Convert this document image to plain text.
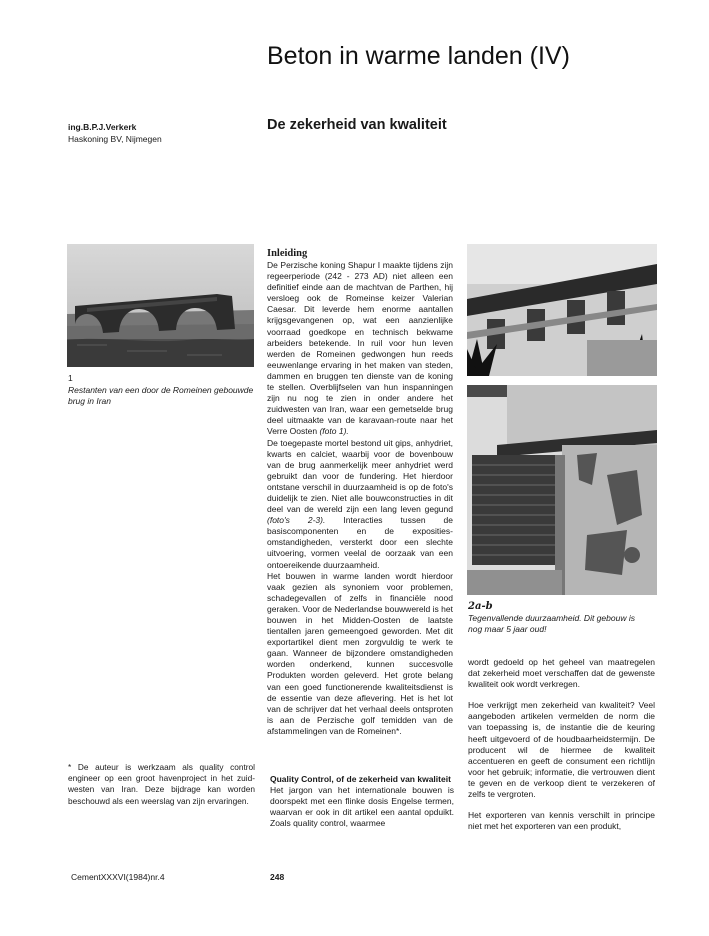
Beton in warme landen (IV)
De zekerheid van kwaliteit
ing.B.P.J.Verkerk
Haskoning BV, Nijmegen
1
Restanten van een door de Romeinen gebouwde brug in Iran
2a-b
Tegenvallende duurzaamheid. Dit gebouw is nog maar 5 jaar oud!
Inleiding

De Perzische koning Shapur I maakte tijdens zijn regeerperiode (242 - 273 AD) niet alleen een definitief einde aan de machtvan de Parthen, hij versloeg ook de Romeinse keizer Valerian Caesar. Dit leverde hem enorme aantallen krijgsgevangenen op, wat een aanzienlijke voorraad goedkope en technisch bekwame arbeiders betekende. In ruil voor hun leven werden de Romeinen gedwongen hun reeds eeuwenlange ervaring in het maken van steden, dammen en bruggen ten dienste van de koning te stellen. Overblijfselen van hun inspanningen zijn nu nog te zien in onder andere het zuidwesten van Iran, waar een gemetselde brug deel uitmaakte van de karavaan-route naar het Verre Oosten (foto 1).

De toegepaste mortel bestond uit gips, anhydriet, kwarts en calciet, waarbij voor de bovenbouw van de brug aanmerkelijk meer anhydriet werd gebruikt dan voor de fundering. Het hierdoor ontstane verschil in duurzaamheid is op de foto's duidelijk te zien. Niet alle bouwconstructies in dit deel van de wereld zijn een lang leven gegund (foto's 2-3). Interacties tussen de basiscomponenten en de exposities-omstandigheden, versterkt door een slechte uitvoering, vormen veelal de oorzaak van een ontoereikende duurzaamheid.

Het bouwen in warme landen wordt hierdoor vaak gezien als synoniem voor problemen, schadegevallen of zelfs in financiële nood geraken. Voor de Nederlandse bouwwereld is het bouwen in het Midden-Oosten de laatste tientallen jaren gemeengoed geworden. Met dit exportartikel dient men zorgvuldig te werk te gaan. Wanneer de bijzondere omstandigheden worden onderkend, kunnen succesvolle Produkten worden geleverd. Het grote belang van een goed functionerende kwaliteitsdienst is de essentie van deze aflevering. Het is het lot van de schrijver dat het verhaal deels ontsproten is aan de Perzische golf temidden van de afstammelingen van de Romeinen*.

Quality Control, of de zekerheid van kwaliteit

Het jargon van het internationale bouwen is doorspekt met een flinke dosis Engelse termen, waarvan er ook in dit artikel een aantal opduikt. Zoals quality control, waarmee

wordt gedoeld op het geheel van maatregelen dat zekerheid moet verschaffen dat de gewenste kwaliteit ook wordt verkregen.

Hoe verkrijgt men zekerheid van kwaliteit? Veel aangeboden artikelen vermelden de norm die van toepassing is, de instantie die de keuring heeft uitgevoerd of de houdbaarheidstermijn. De producent wil de hiermee de kwaliteit accentueren en geeft de consument een richtlijn voor het gebruik; informatie, die vertrouwen dient te geven en de verkoop dient te verzekeren of zelfs te vergroten.

Het exporteren van kennis verschilt in principe niet met het exporteren van een produkt,

* De auteur is werkzaam als quality control engineer op een groot havenproject in het zuid-westen van Iran. Deze bijdrage kan worden beschouwd als een weerslag van zijn ervaringen.
CementXXXVI(1984)nr.4	248
